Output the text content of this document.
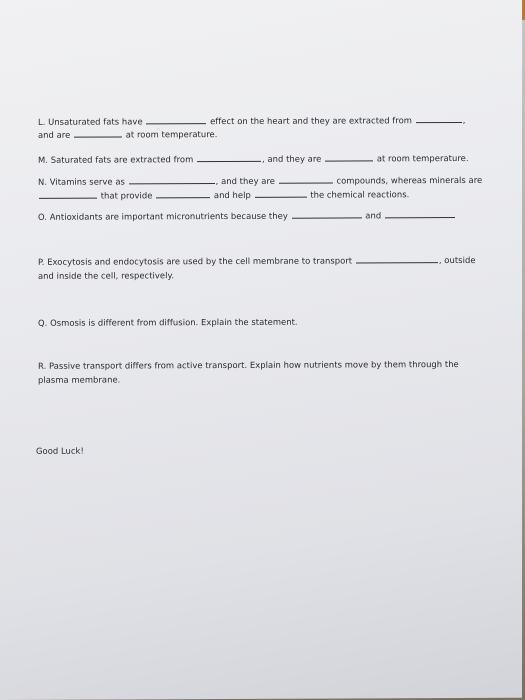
L. Unsaturated fats have	effect on the heart and they are extracted from	,
and are	at room temperature.
M. Saturated fats are extracted from	, and they are	at room temperature.
N. Vitamins serve as	, and they are	compounds, whereas minerals are
that provide	and help	the chemical reactions.
O. Antioxidants are important micronutrients because they	and
P. Exocytosis and endocytosis are used by the cell membrane to transport	, outside
and inside the cell, respectively.
Q. Osmosis is different from diffusion. Explain the statement.
R. Passive transport differs from active transport. Explain how nutrients move by them through the
plasma membrane.
Good Luck!
